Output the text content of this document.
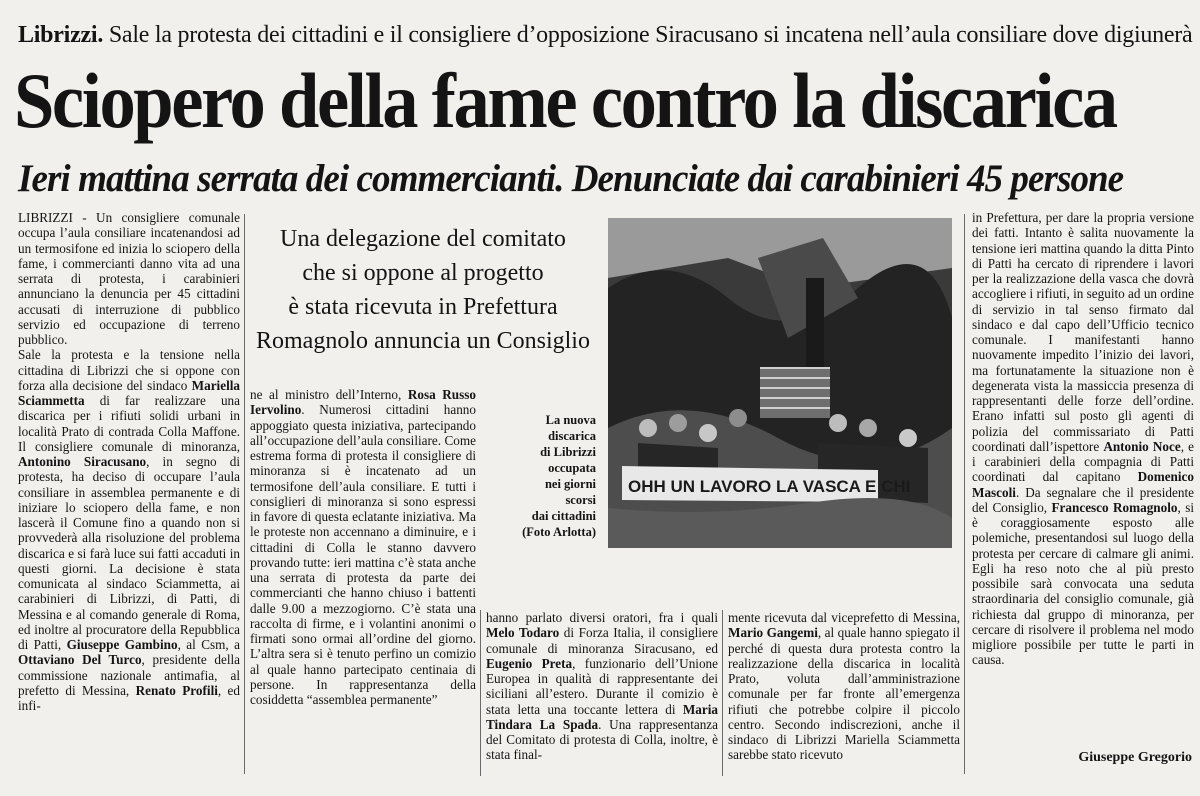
Librizzi. Sale la protesta dei cittadini e il consigliere d’opposizione Siracusano si incatena nell’aula consiliare dove digiunerà
Sciopero della fame contro la discarica
Ieri mattina serrata dei commercianti. Denunciate dai carabinieri 45 persone
LIBRIZZI - Un consigliere comunale occupa l’aula consiliare incatenandosi ad un termosifone ed inizia lo sciopero della fame, i commercianti danno vita ad una serrata di protesta, i carabinieri annunciano la denuncia per 45 cittadini accusati di interruzione di pubblico servizio ed occupazione di terreno pubblico.
Sale la protesta e la tensione nella cittadina di Librizzi che si oppone con forza alla decisione del sindaco Mariella Sciammetta di far realizzare una discarica per i rifiuti solidi urbani in località Prato di contrada Colla Maffone. Il consigliere comunale di minoranza, Antonino Siracusano, in segno di protesta, ha deciso di occupare l’aula consiliare in assemblea permanente e di iniziare lo sciopero della fame, e non lascerà il Comune fino a quando non si provvederà alla risoluzione del problema discarica e si farà luce sui fatti accaduti in questi giorni. La decisione è stata comunicata al sindaco Sciammetta, ai carabinieri di Librizzi, di Patti, di Messina e al comando generale di Roma, ed inoltre al procuratore della Repubblica di Patti, Giuseppe Gambino, al Csm, a Ottaviano Del Turco, presidente della commissione nazionale antimafia, al prefetto di Messina, Renato Profili, ed infi-
Una delegazione del comitato
che si oppone al progetto
è stata ricevuta in Prefettura
Romagnolo annuncia un Consiglio
La nuova
discarica
di Librizzi
occupata
nei giorni
scorsi
dai cittadini
(Foto Arlotta)
OHH UN LAVORO LA VASCA E CHI
ne al ministro dell’Interno, Rosa Russo Iervolino. Numerosi cittadini hanno appoggiato questa iniziativa, partecipando all’occupazione dell’aula consiliare. Come estrema forma di protesta il consigliere di minoranza si è incatenato ad un termosifone dell’aula consiliare. E tutti i consiglieri di minoranza si sono espressi in favore di questa eclatante iniziativa. Ma le proteste non accennano a diminuire, e i cittadini di Colla le stanno davvero provando tutte: ieri mattina c’è stata anche una serrata di protesta da parte dei commercianti che hanno chiuso i battenti dalle 9.00 a mezzogiorno. C’è stata una raccolta di firme, e i volantini anonimi o firmati sono ormai all’ordine del giorno. L’altra sera si è tenuto perfino un comizio al quale hanno partecipato centinaia di persone. In rappresentanza della cosiddetta “assemblea permanente”
hanno parlato diversi oratori, fra i quali Melo Todaro di Forza Italia, il consigliere comunale di minoranza Siracusano, ed Eugenio Preta, funzionario dell’Unione Europea in qualità di rappresentante dei siciliani all’estero. Durante il comizio è stata letta una toccante lettera di Maria Tindara La Spada. Una rappresentanza del Comitato di protesta di Colla, inoltre, è stata final-
mente ricevuta dal viceprefetto di Messina, Mario Gangemi, al quale hanno spiegato il perché di questa dura protesta contro la realizzazione della discarica in località Prato, voluta dall’amministrazione comunale per far fronte all’emergenza rifiuti che potrebbe colpire il piccolo centro. Secondo indiscrezioni, anche il sindaco di Librizzi Mariella Sciammetta sarebbe stato ricevuto
in Prefettura, per dare la propria versione dei fatti. Intanto è salita nuovamente la tensione ieri mattina quando la ditta Pinto di Patti ha cercato di riprendere i lavori per la realizzazione della vasca che dovrà accogliere i rifiuti, in seguito ad un ordine di servizio in tal senso firmato dal sindaco e dal capo dell’Ufficio tecnico comunale. I manifestanti hanno nuovamente impedito l’inizio dei lavori, ma fortunatamente la situazione non è degenerata vista la massiccia presenza di rappresentanti delle forze dell’ordine. Erano infatti sul posto gli agenti di polizia del commissariato di Patti coordinati dall’ispettore Antonio Noce, e i carabinieri della compagnia di Patti coordinati dal capitano Domenico Mascoli. Da segnalare che il presidente del Consiglio, Francesco Romagnolo, si è coraggiosamente esposto alle polemiche, presentandosi sul luogo della protesta per cercare di calmare gli animi. Egli ha reso noto che al più presto possibile sarà convocata una seduta straordinaria del consiglio comunale, già richiesta dal gruppo di minoranza, per cercare di risolvere il problema nel modo migliore possibile per tutte le parti in causa.
Giuseppe Gregorio
